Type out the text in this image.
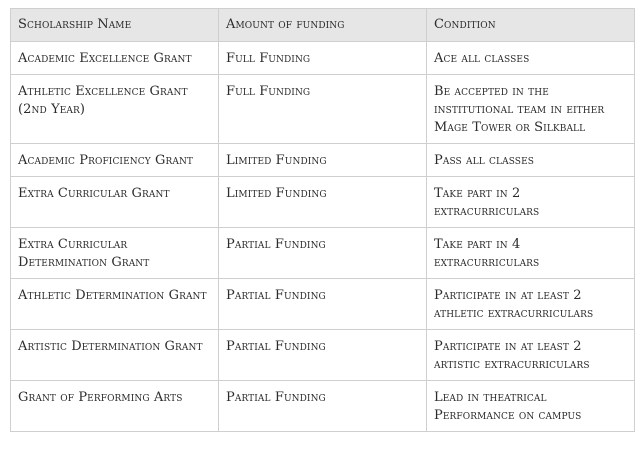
Scholarship Name	Amount of funding	Condition
Academic Excellence Grant	Full Funding	Ace all classes
Athletic Excellence Grant (2nd Year)	Full Funding	Be accepted in the institutional team in either Mage Tower or Silkball
Academic Proficiency Grant	Limited Funding	Pass all classes
Extra Curricular Grant	Limited Funding	Take part in 2 extracurriculars
Extra Curricular Determination Grant	Partial Funding	Take part in 4 extracurriculars
Athletic Determination Grant	Partial Funding	Participate in at least 2 athletic extracurriculars
Artistic Determination Grant	Partial Funding	Participate in at least 2 artistic extracurriculars
Grant of Performing Arts	Partial Funding	Lead in theatrical Performance on campus
